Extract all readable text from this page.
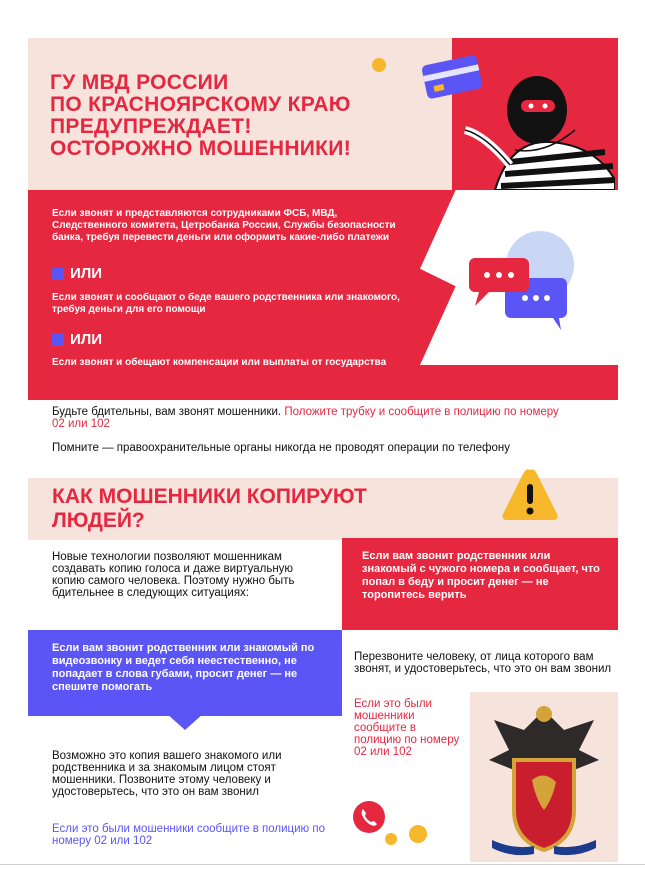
ГУ МВД РОССИИ
ПО КРАСНОЯРСКОМУ КРАЮ
ПРЕДУПРЕЖДАЕТ!
ОСТОРОЖНО МОШЕННИКИ!
Если звонят и представляются сотрудниками ФСБ, МВД, Следственного комитета, Цетробанка России, Службы безопасности банка, требуя перевести деньги или оформить какие-либо платежи
ИЛИ
Если звонят и сообщают о беде вашего родственника или знакомого, требуя деньги для его помощи
ИЛИ
Если звонят и обещают компенсации или выплаты от государства
Будьте бдительны, вам звонят мошенники. Положите трубку и сообщите в полицию по номеру 02 или 102
Помните — правоохранительные органы никогда не проводят операции по телефону
КАК МОШЕННИКИ КОПИРУЮТ ЛЮДЕЙ?
Новые технологии позволяют мошенникам создавать копию голоса и даже виртуальную копию самого человека. Поэтому нужно быть бдительнее в следующих ситуациях:
Если вам звонит родственник или знакомый с чужого номера и сообщает, что попал в беду и просит денег — не торопитесь верить
Если вам звонит родственник или знакомый по видеозвонку и ведет себя неестественно, не попадает в слова губами, просит денег — не спешите помогать
Перезвоните человеку, от лица которого вам звонят, и удостоверьтесь, что это он вам звонил
Если это были мошенники сообщите в полицию по номеру 02 или 102
Возможно это копия вашего знакомого или родственника и за знакомым лицом стоят мошенники. Позвоните этому человеку и удостоверьтесь, что это он вам звонил
Если это были мошенники сообщите в полицию по номеру 02 или 102
